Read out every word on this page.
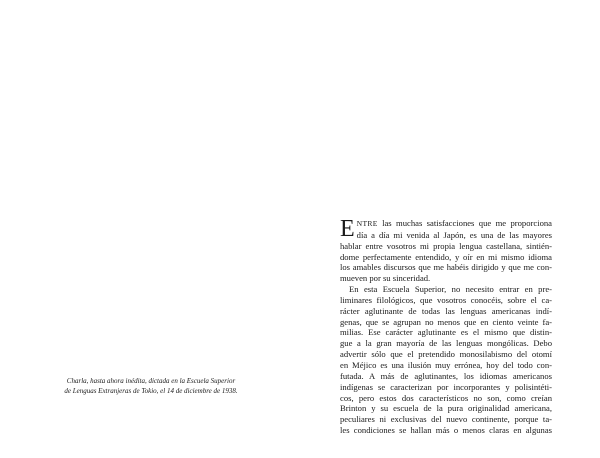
Charla, hasta ahora inédita, dictada en la Escuela Superior
de Lenguas Extranjeras de Tokio, el 14 de diciembre de 1938.

E NTRE las muchas satisfacciones que me proporciona
día a día mi venida al Japón, es una de las mayores
hablar entre vosotros mi propia lengua castellana, sintién-
dome perfectamente entendido, y oír en mi mismo idioma
los amables discursos que me habéis dirigido y que me con-
mueven por su sinceridad.

En esta Escuela Superior, no necesito entrar en pre-
liminares filológicos, que vosotros conocéis, sobre el ca-
rácter aglutinante de todas las lenguas americanas indí-
genas, que se agrupan no menos que en ciento veinte fa-
milias. Ese carácter aglutinante es el mismo que distin-
gue a la gran mayoría de las lenguas mongólicas. Debo
advertir sólo que el pretendido monosilabismo del otomí
en Méjico es una ilusión muy errónea, hoy del todo con-
futada. A más de aglutinantes, los idiomas americanos
indígenas se caracterizan por incorporantes y polisintéti-
cos, pero estos dos característicos no son, como creían
Brinton y su escuela de la pura originalidad americana,
peculiares ni exclusivas del nuevo continente, porque ta-
les condiciones se hallan más o menos claras en algunas
